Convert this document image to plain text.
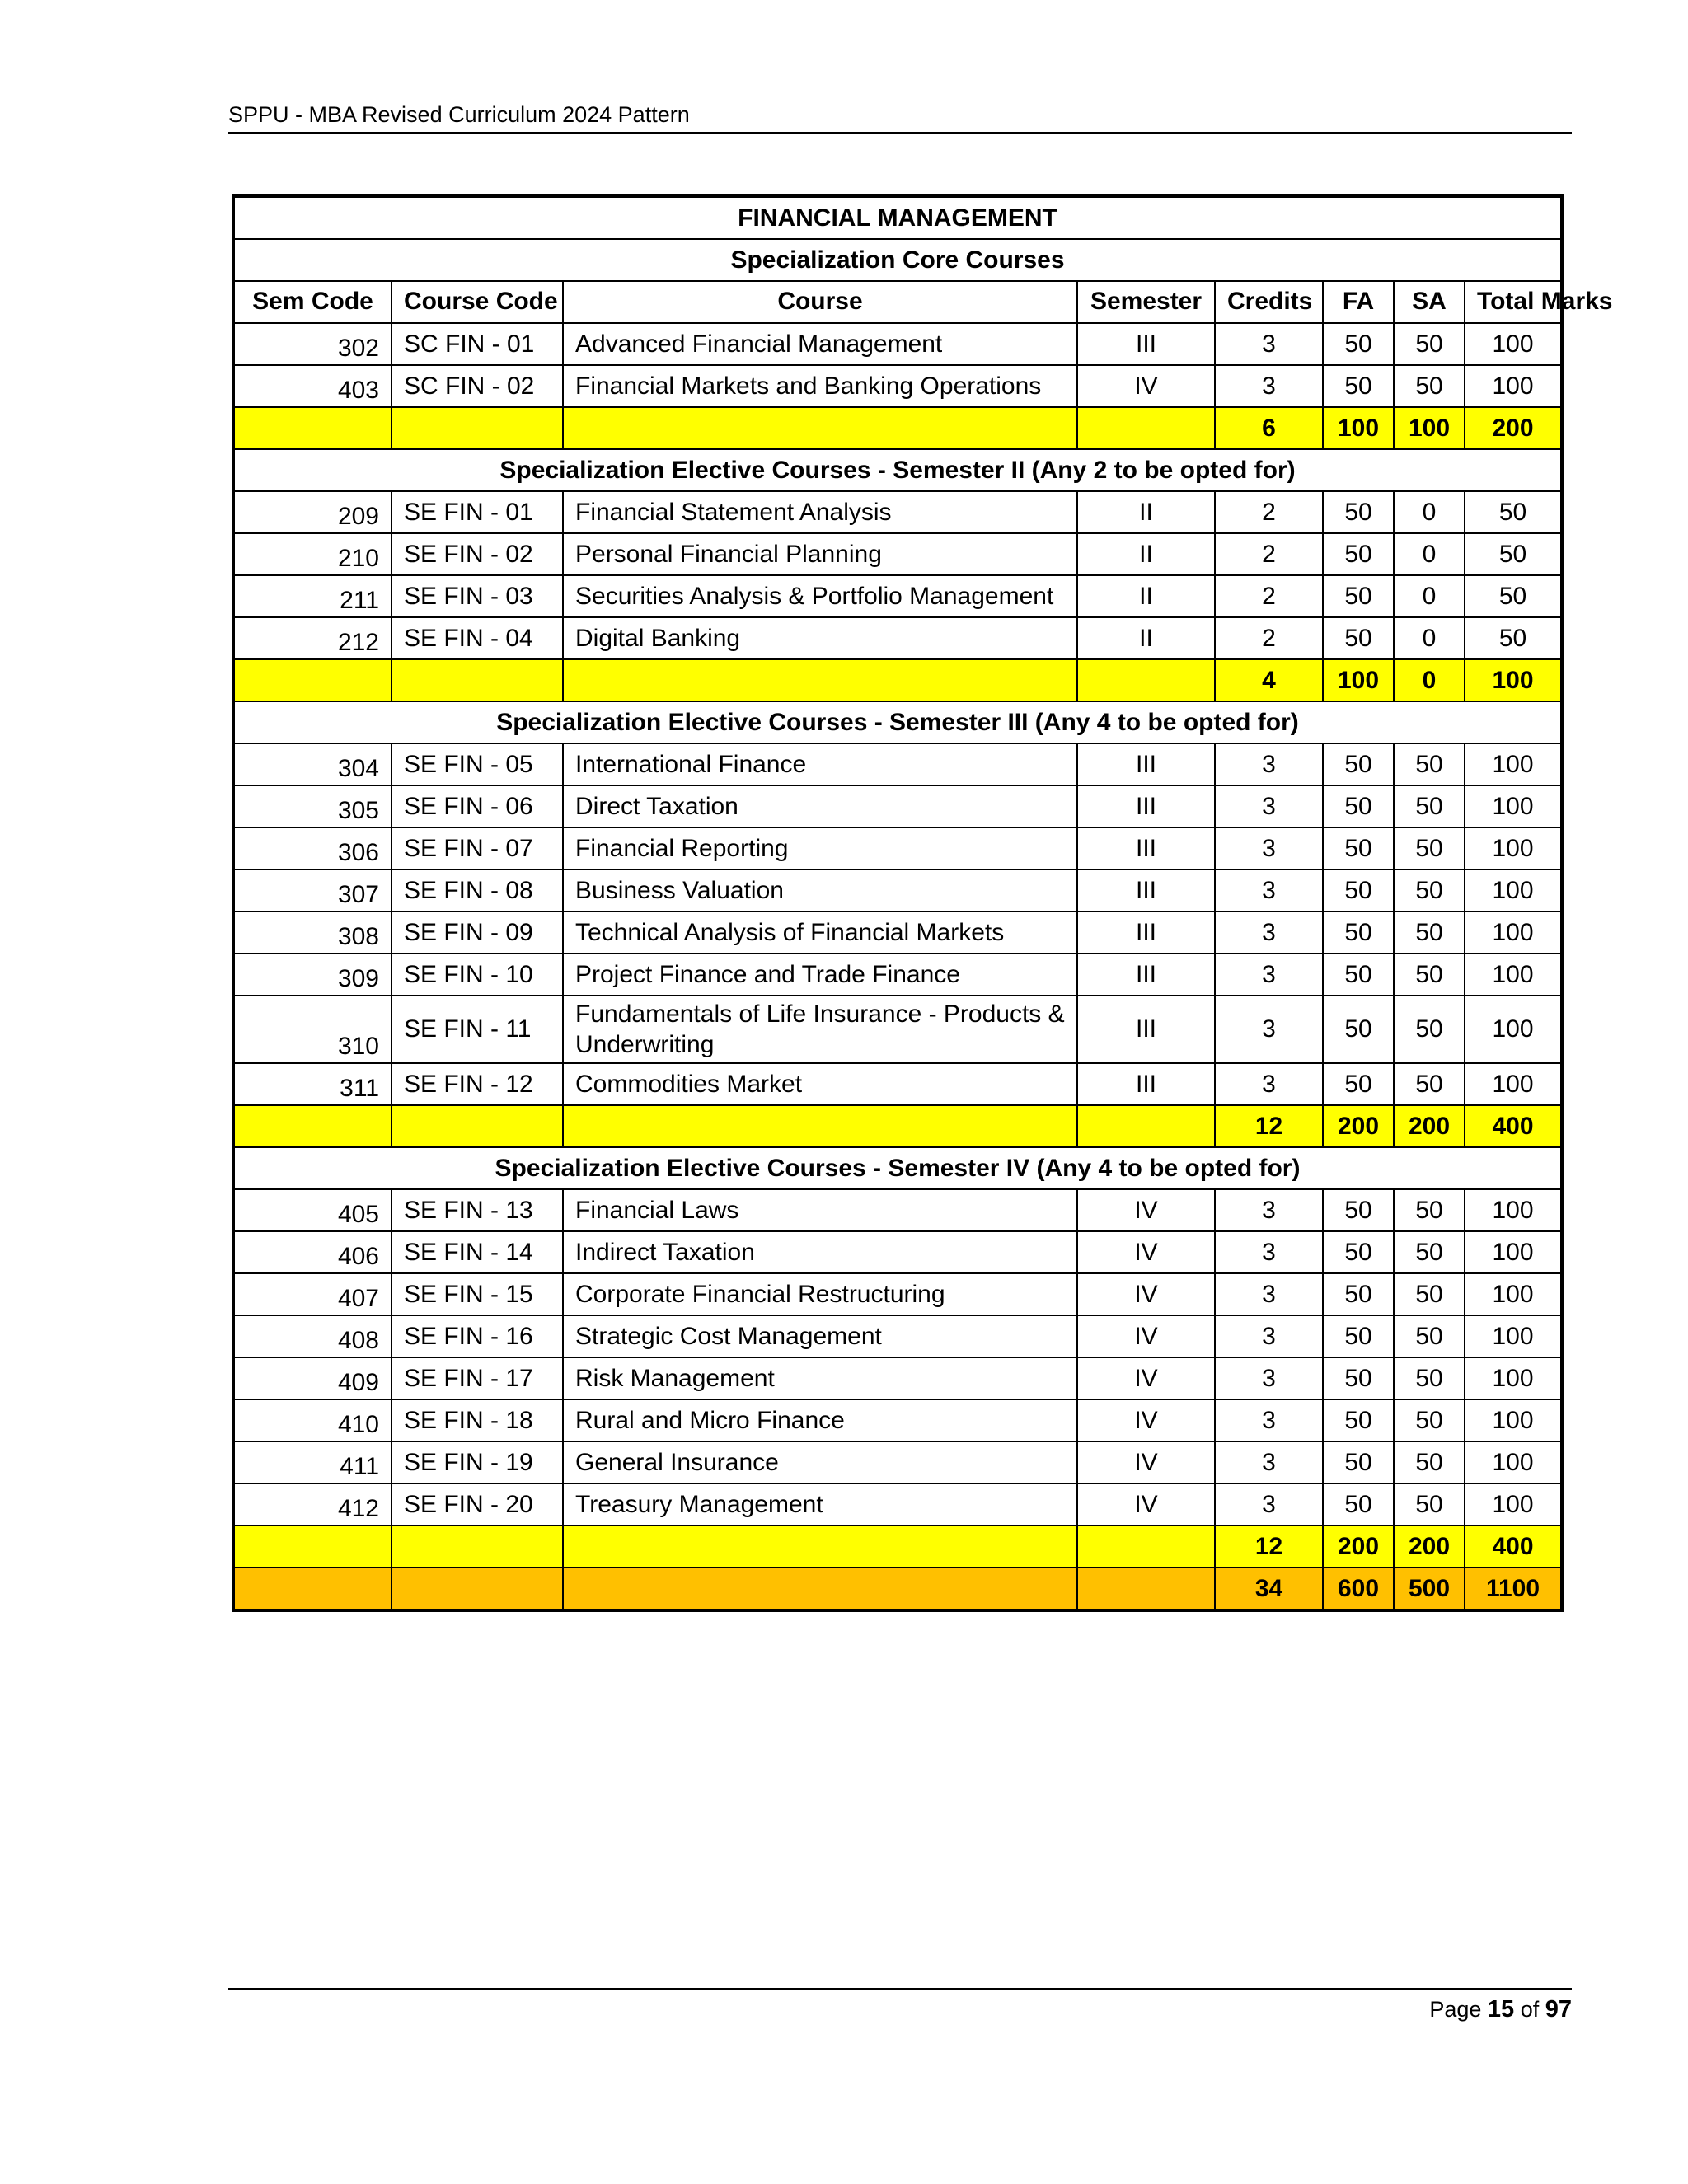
SPPU - MBA Revised Curriculum 2024 Pattern
FINANCIAL MANAGEMENT							
Specialization Core Courses							
Sem Code	Course Code	Course	Semester	Credits	FA	SA	Total Marks
302	SC FIN - 01	Advanced Financial Management	III	3	50	50	100
403	SC FIN - 02	Financial Markets and Banking Operations	IV	3	50	50	100
				6	100	100	200
Specialization Elective Courses - Semester II (Any 2 to be opted for)							
209	SE FIN - 01	Financial Statement Analysis	II	2	50	0	50
210	SE FIN - 02	Personal Financial Planning	II	2	50	0	50
211	SE FIN - 03	Securities Analysis & Portfolio Management	II	2	50	0	50
212	SE FIN - 04	Digital Banking	II	2	50	0	50
				4	100	0	100
Specialization Elective Courses - Semester III (Any 4 to be opted for)							
304	SE FIN - 05	International Finance	III	3	50	50	100
305	SE FIN - 06	Direct Taxation	III	3	50	50	100
306	SE FIN - 07	Financial Reporting	III	3	50	50	100
307	SE FIN - 08	Business Valuation	III	3	50	50	100
308	SE FIN - 09	Technical Analysis of Financial Markets	III	3	50	50	100
309	SE FIN - 10	Project Finance and Trade Finance	III	3	50	50	100
310	SE FIN - 11	Fundamentals of Life Insurance - Products & Underwriting	III	3	50	50	100
311	SE FIN - 12	Commodities Market	III	3	50	50	100
				12	200	200	400
Specialization Elective Courses - Semester IV (Any 4 to be opted for)							
405	SE FIN - 13	Financial Laws	IV	3	50	50	100
406	SE FIN - 14	Indirect Taxation	IV	3	50	50	100
407	SE FIN - 15	Corporate Financial Restructuring	IV	3	50	50	100
408	SE FIN - 16	Strategic Cost Management	IV	3	50	50	100
409	SE FIN - 17	Risk Management	IV	3	50	50	100
410	SE FIN - 18	Rural and Micro Finance	IV	3	50	50	100
411	SE FIN - 19	General Insurance	IV	3	50	50	100
412	SE FIN - 20	Treasury Management	IV	3	50	50	100
				12	200	200	400
				34	600	500	1100
Page 15 of 97
